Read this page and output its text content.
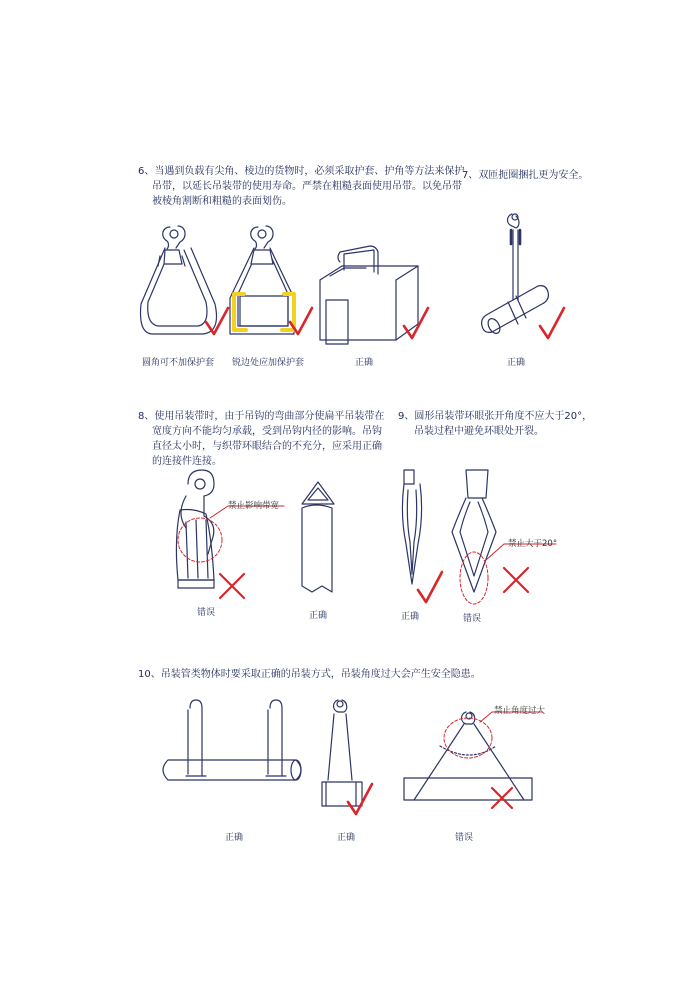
6、当遇到负载有尖角、棱边的货物时，必须采取护套、护角等方法来保护
吊带，以延长吊装带的使用寿命。严禁在粗糙表面使用吊带。以免吊带
被棱角割断和粗糙的表面划伤。
7、双匝扼圈捆扎更为安全。
8、使用吊装带时，由于吊钩的弯曲部分使扁平吊装带在
宽度方向不能均匀承载，受到吊钩内径的影响。吊钩
直径太小时，与织带环眼结合的不充分，应采用正确
的连接件连接。
9、圆形吊装带环眼张开角度不应大于20°，
吊装过程中避免环眼处开裂。
10、吊装管类物体时要采取正确的吊装方式，吊装角度过大会产生安全隐患。
圆角可不加保护套	锐边处应加保护套	正确	正确
禁止影响带宽
错误	正确
禁止大于20°
正确	错误
禁止角度过大
正确	正确	错误
